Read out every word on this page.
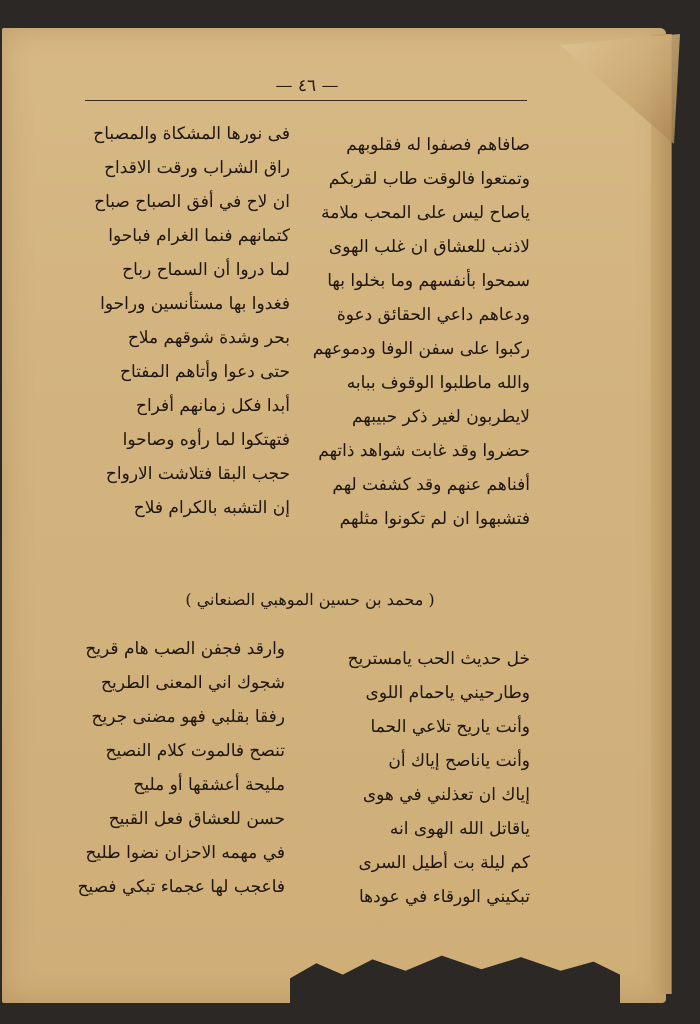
— ٤٦ —
صافاهم فصفوا له فقلوبهم
وتمتعوا فالوقت طاب لقربكم
ياصاح ليس على المحب ملامة
لاذنب للعشاق ان غلب الهوى
سمحوا بأنفسهم وما بخلوا بها
ودعاهم داعي الحقائق دعوة
ركبوا على سفن الوفا ودموعهم
والله ماطلبوا الوقوف ببابه
لايطربون لغير ذكر حبيبهم
حضروا وقد غابت شواهد ذاتهم
أفناهم عنهم وقد كشفت لهم
فتشبهوا ان لم تكونوا مثلهم
فى نورها المشكاة والمصباح
راق الشراب ورقت الاقداح
ان لاح في أفق الصباح صباح
كتمانهم فنما الغرام فباحوا
لما دروا أن السماح رباح
فغدوا بها مستأنسين وراحوا
بحر وشدة شوقهم ملاح
حتى دعوا وأتاهم المفتاح
أبدا فكل زمانهم أفراح
فتهتكوا لما رأوه وصاحوا
حجب البقا فتلاشت الارواح
إن التشبه بالكرام فلاح
( محمد بن حسين الموهبي الصنعاني )
خل حديث الحب يامستريح
وطارحيني ياحمام اللوى
وأنت ياريح تلاعي الحما
وأنت ياناصح إياك أن
إياك ان تعذلني في هوى
ياقاتل الله الهوى انه
كم ليلة بت أطيل السرى
تبكيني الورقاء في عودها
وارقد فجفن الصب هام قريح
شجوك اني المعنى الطريح
رفقا بقلبي فهو مضنى جريح
تنصح فالموت كلام النصيح
مليحة أعشقها أو مليح
حسن للعشاق فعل القبيح
في مهمه الاحزان نضوا طليح
فاعجب لها عجماء تبكي فصيح
